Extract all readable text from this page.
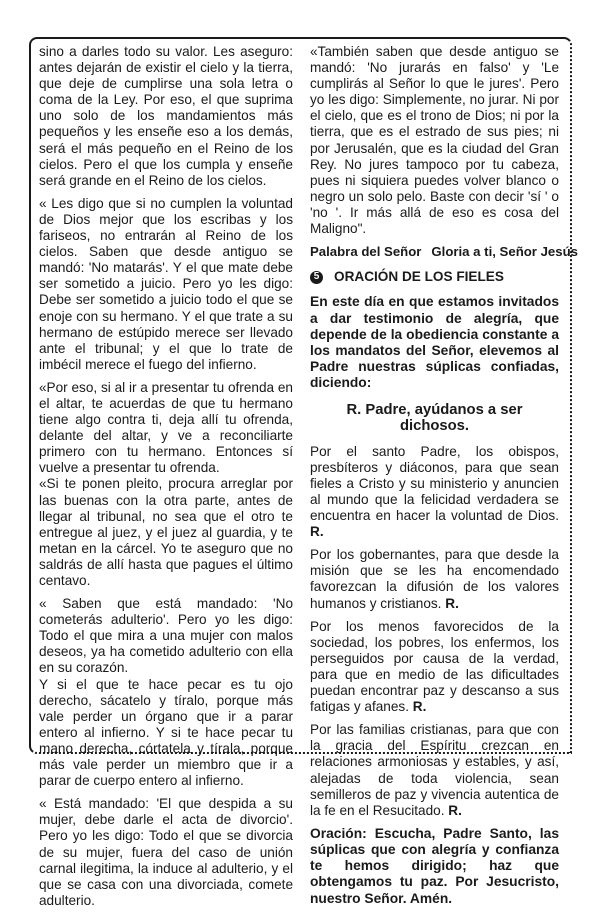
sino a darles todo su valor. Les aseguro: antes dejarán de existir el cielo y la tierra, que deje de cumplirse una sola letra o coma de la Ley. Por eso, el que suprima uno solo de los mandamientos más pequeños y les enseñe eso a los demás, será el más pequeño en el Reino de los cielos. Pero el que los cumpla y enseñe será grande en el Reino de los cielos.

« Les digo que si no cumplen la voluntad de Dios mejor que los escribas y los fariseos, no entrarán al Reino de los cielos. Saben que desde antiguo se mandó: 'No matarás'. Y el que mate debe ser sometido a juicio. Pero yo les digo: Debe ser sometido a juicio todo el que se enoje con su hermano. Y el que trate a su hermano de estúpido merece ser llevado ante el tribunal; y el que lo trate de imbécil merece el fuego del infierno.

«Por eso, si al ir a presentar tu ofrenda en el altar, te acuerdas de que tu hermano tiene algo contra ti, deja allí tu ofrenda, delante del altar, y ve a reconciliarte primero con tu hermano. Entonces sí vuelve a presentar tu ofrenda.

«Si te ponen pleito, procura arreglar por las buenas con la otra parte, antes de llegar al tribunal, no sea que el otro te entregue al juez, y el juez al guardia, y te metan en la cárcel. Yo te aseguro que no saldrás de allí hasta que pagues el último centavo.

« Saben que está mandado: 'No cometerás adulterio'. Pero yo les digo: Todo el que mira a una mujer con malos deseos, ya ha cometido adulterio con ella en su corazón.

Y si el que te hace pecar es tu ojo derecho, sácatelo y tíralo, porque más vale perder un órgano que ir a parar entero al infierno. Y si te hace pecar tu mano derecha, córtatela y tírala, porque más vale perder un miembro que ir a parar de cuerpo entero al infierno.

« Está mandado: 'El que despida a su mujer, debe darle el acta de divorcio'. Pero yo les digo: Todo el que se divorcia de su mujer, fuera del caso de unión carnal ilegitima, la induce al adulterio, y el que se casa con una divorciada, comete adulterio.

«También saben que desde antiguo se mandó: 'No jurarás en falso' y 'Le cumplirás al Señor lo que le jures'. Pero yo les digo: Simplemente, no jurar. Ni por el cielo, que es el trono de Dios; ni por la tierra, que es el estrado de sus pies; ni por Jerusalén, que es la ciudad del Gran Rey. No jures tampoco por tu cabeza, pues ni siquiera puedes volver blanco o negro un solo pelo. Baste con decir 'sí ' o 'no '. Ir más allá de eso es cosa del Maligno".

Palabra del Señor Gloria a ti, Señor Jesús
5 ORACIÓN DE LOS FIELES

En este día en que estamos invitados a dar testimonio de alegría, que depende de la obediencia constante a los mandatos del Señor, elevemos al Padre nuestras súplicas confiadas, diciendo:

R. Padre, ayúdanos a ser dichosos.

Por el santo Padre, los obispos, presbíteros y diáconos, para que sean fieles a Cristo y su ministerio y anuncien al mundo que la felicidad verdadera se encuentra en hacer la voluntad de Dios. R.

Por los gobernantes, para que desde la misión que se les ha encomendado favorezcan la difusión de los valores humanos y cristianos. R.

Por los menos favorecidos de la sociedad, los pobres, los enfermos, los perseguidos por causa de la verdad, para que en medio de las dificultades puedan encontrar paz y descanso a sus fatigas y afanes. R.

Por las familias cristianas, para que con la gracia del Espíritu crezcan en relaciones armoniosas y estables, y así, alejadas de toda violencia, sean semilleros de paz y vivencia autentica de la fe en el Resucitado. R.

Oración: Escucha, Padre Santo, las súplicas que con alegría y confianza te hemos dirigido; haz que obtengamos tu paz. Por Jesucristo, nuestro Señor. Amén.
